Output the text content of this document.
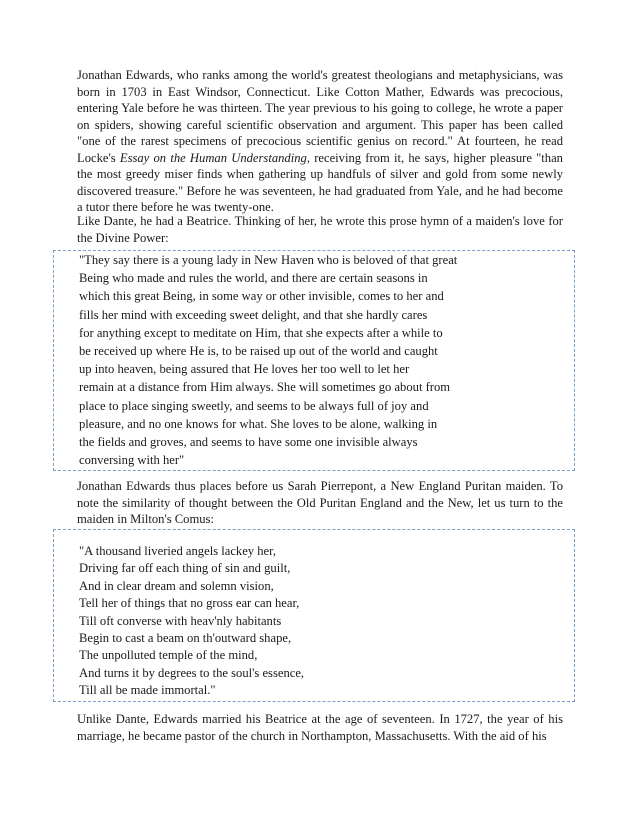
Jonathan Edwards, who ranks among the world's greatest theologians and metaphysicians, was born in 1703 in East Windsor, Connecticut. Like Cotton Mather, Edwards was precocious, entering Yale before he was thirteen. The year previous to his going to college, he wrote a paper on spiders, showing careful scientific observation and argument. This paper has been called "one of the rarest specimens of precocious scientific genius on record." At fourteen, he read Locke's Essay on the Human Understanding, receiving from it, he says, higher pleasure "than the most greedy miser finds when gathering up handfuls of silver and gold from some newly discovered treasure." Before he was seventeen, he had graduated from Yale, and he had become a tutor there before he was twenty-one.

Like Dante, he had a Beatrice. Thinking of her, he wrote this prose hymn of a maiden's love for the Divine Power:

"They say there is a young lady in New Haven who is beloved of that great
Being who made and rules the world, and there are certain seasons in
which this great Being, in some way or other invisible, comes to her and
fills her mind with exceeding sweet delight, and that she hardly cares
for anything except to meditate on Him, that she expects after a while to
be received up where He is, to be raised up out of the world and caught
up into heaven, being assured that He loves her too well to let her
remain at a distance from Him always. She will sometimes go about from
place to place singing sweetly, and seems to be always full of joy and
pleasure, and no one knows for what. She loves to be alone, walking in
the fields and groves, and seems to have some one invisible always
conversing with her"

Jonathan Edwards thus places before us Sarah Pierrepont, a New England Puritan maiden. To note the similarity of thought between the Old Puritan England and the New, let us turn to the maiden in Milton's Comus:

"A thousand liveried angels lackey her,
Driving far off each thing of sin and guilt,
And in clear dream and solemn vision,
Tell her of things that no gross ear can hear,
Till oft converse with heav'nly habitants
Begin to cast a beam on th'outward shape,
The unpolluted temple of the mind,
And turns it by degrees to the soul's essence,
Till all be made immortal."

Unlike Dante, Edwards married his Beatrice at the age of seventeen. In 1727, the year of his marriage, he became pastor of the church in Northampton, Massachusetts. With the aid of his
